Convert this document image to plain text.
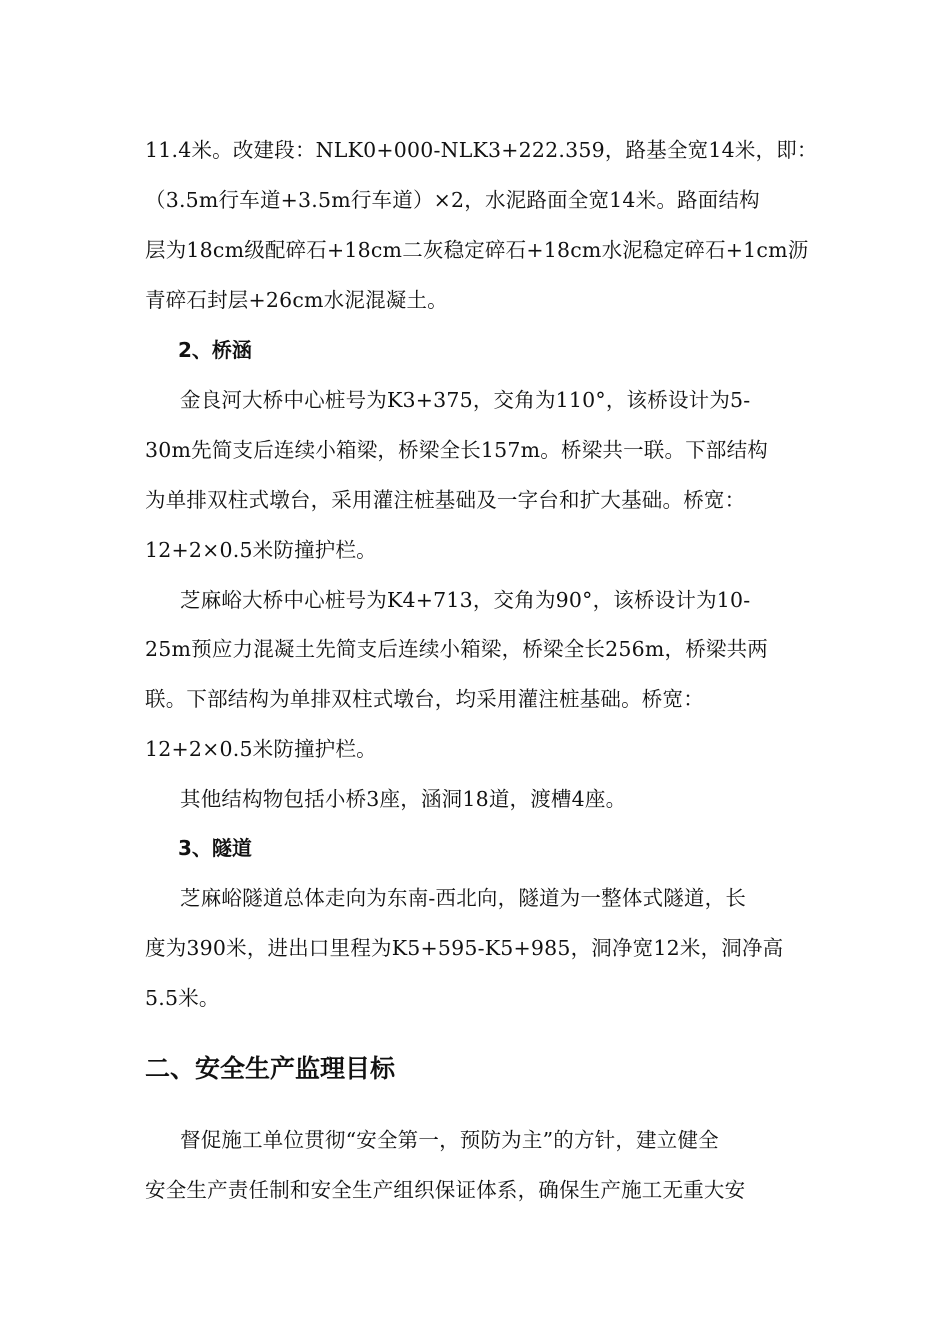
11.4米。改建段：NLK0+000-NLK3+222.359，路基全宽14米，即：
（3.5m行车道+3.5m行车道）×2，水泥路面全宽14米。路面结构
层为18cm级配碎石+18cm二灰稳定碎石+18cm水泥稳定碎石+1cm沥
青碎石封层+26cm水泥混凝土。
2、桥涵
金良河大桥中心桩号为K3+375，交角为110°，该桥设计为5-
30m先简支后连续小箱梁，桥梁全长157m。桥梁共一联。下部结构
为单排双柱式墩台，采用灌注桩基础及一字台和扩大基础。桥宽：
12+2×0.5米防撞护栏。
芝麻峪大桥中心桩号为K4+713，交角为90°，该桥设计为10-
25m预应力混凝土先简支后连续小箱梁，桥梁全长256m，桥梁共两
联。下部结构为单排双柱式墩台，均采用灌注桩基础。桥宽：
12+2×0.5米防撞护栏。
其他结构物包括小桥3座，涵洞18道，渡槽4座。
3、隧道
芝麻峪隧道总体走向为东南-西北向，隧道为一整体式隧道，长
度为390米，进出口里程为K5+595-K5+985，洞净宽12米，洞净高
5.5米。
二、安全生产监理目标
督促施工单位贯彻“安全第一，预防为主”的方针，建立健全
安全生产责任制和安全生产组织保证体系，确保生产施工无重大安
